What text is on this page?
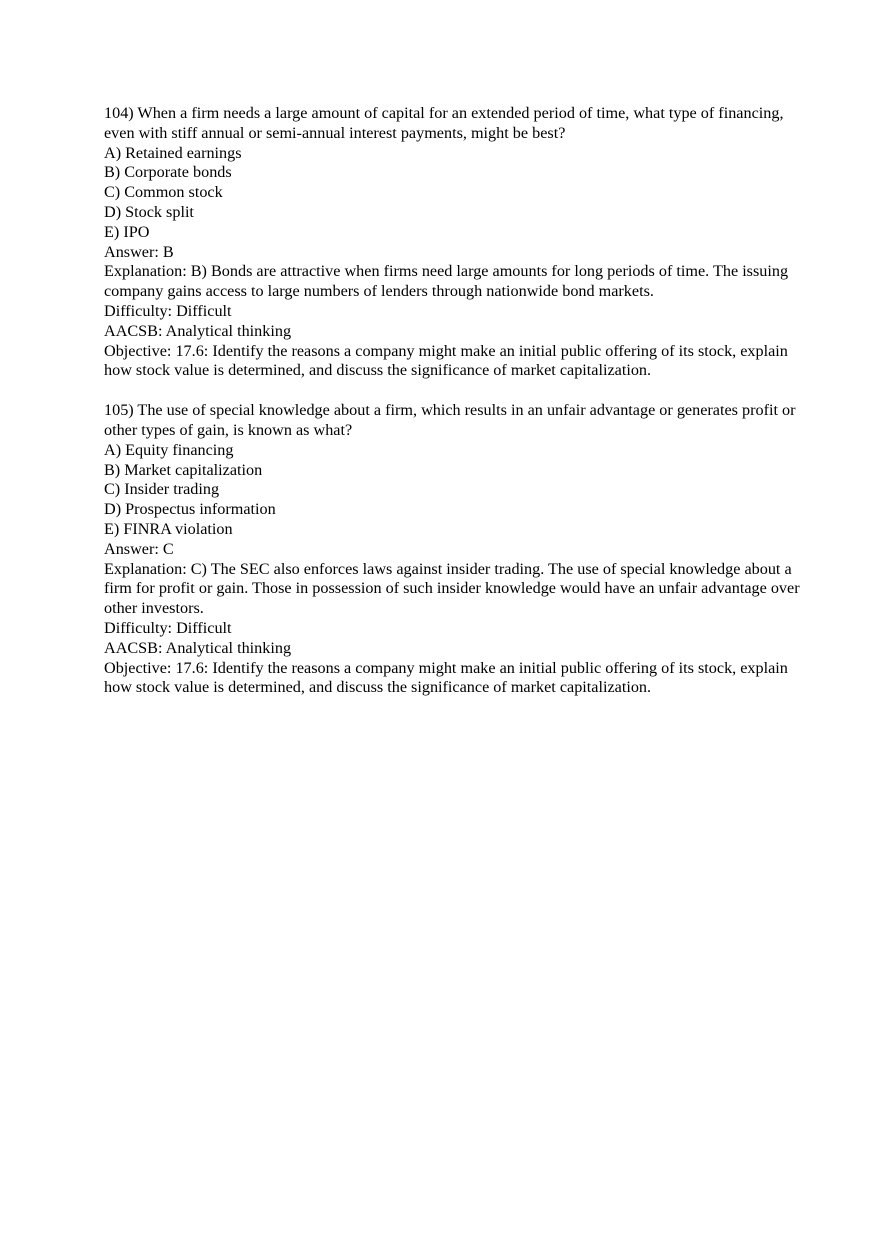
104) When a firm needs a large amount of capital for an extended period of time, what type of financing, even with stiff annual or semi-annual interest payments, might be best?
A) Retained earnings
B) Corporate bonds
C) Common stock
D) Stock split
E) IPO
Answer: B
Explanation: B) Bonds are attractive when firms need large amounts for long periods of time. The issuing company gains access to large numbers of lenders through nationwide bond markets.
Difficulty: Difficult
AACSB: Analytical thinking
Objective: 17.6: Identify the reasons a company might make an initial public offering of its stock, explain how stock value is determined, and discuss the significance of market capitalization.
105) The use of special knowledge about a firm, which results in an unfair advantage or generates profit or other types of gain, is known as what?
A) Equity financing
B) Market capitalization
C) Insider trading
D) Prospectus information
E) FINRA violation
Answer: C
Explanation: C) The SEC also enforces laws against insider trading. The use of special knowledge about a firm for profit or gain. Those in possession of such insider knowledge would have an unfair advantage over other investors.
Difficulty: Difficult
AACSB: Analytical thinking
Objective: 17.6: Identify the reasons a company might make an initial public offering of its stock, explain how stock value is determined, and discuss the significance of market capitalization.
